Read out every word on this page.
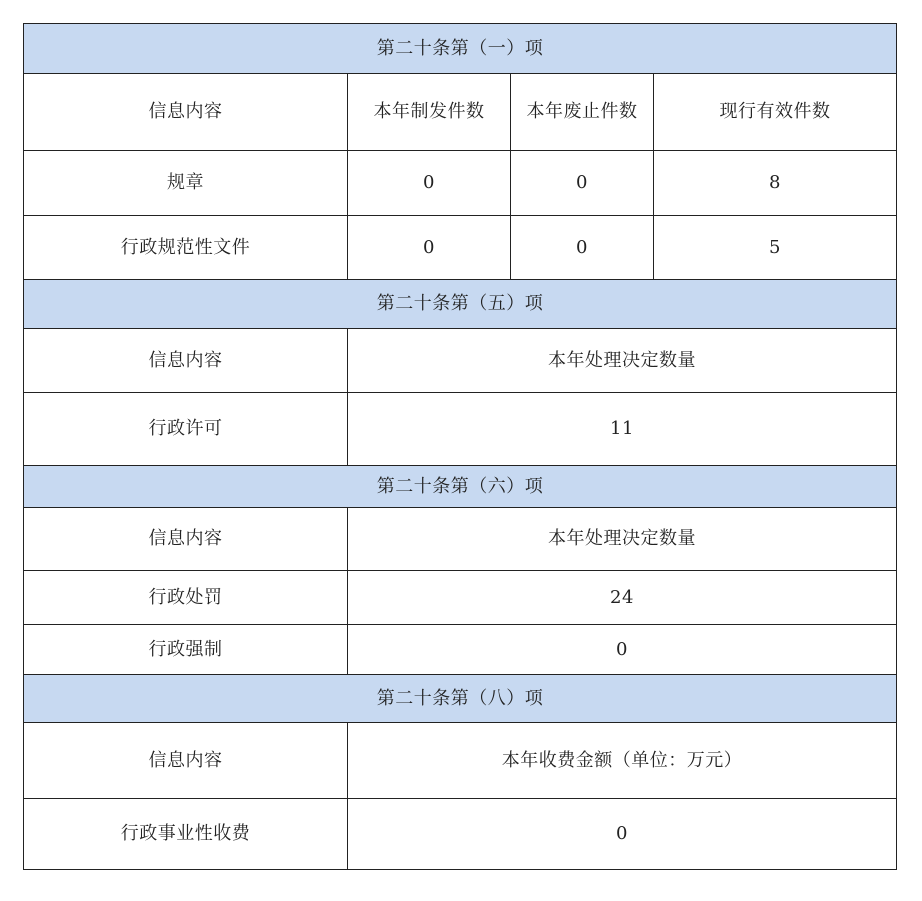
第二十条第（一）项			
信息内容	本年制发件数	本年废止件数	现行有效件数
规章	0	0	8
行政规范性文件	0	0	5
第二十条第（五）项			
信息内容	本年处理决定数量		
行政许可	11		
第二十条第（六）项			
信息内容	本年处理决定数量		
行政处罚	24		
行政强制	0		
第二十条第（八）项			
信息内容	本年收费金额（单位：万元）		
行政事业性收费	0		
